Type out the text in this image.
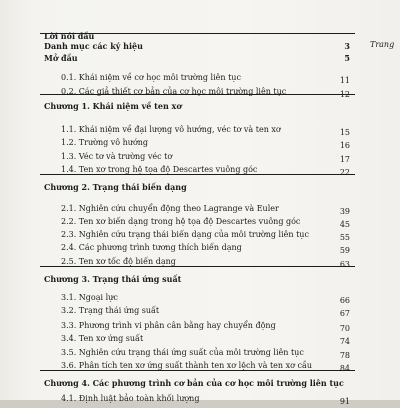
Trang
Lời nói đầu
Danh mục các ký hiệu	3
Mở đầu	5
0.1. Khái niệm về cơ học môi trường liên tục	11
0.2. Các giả thiết cơ bản của cơ học môi trường liên tục	12
Chương 1. Khái niệm về ten xơ
1.1. Khái niệm về đại lượng vô hướng, véc tơ và ten xơ	15
1.2. Trường vô hướng	16
1.3. Véc tơ và trường véc tơ	17
1.4. Ten xơ trong hệ tọa độ Descartes vuông góc	22
Chương 2. Trạng thái biến dạng
2.1. Nghiên cứu chuyển động theo Lagrange và Euler	39
2.2. Ten xơ biến dạng trong hệ tọa độ Descartes vuông góc	45
2.3. Nghiên cứu trạng thái biến dạng của môi trường liên tục	55
2.4. Các phương trình tương thích biến dạng	59
2.5. Ten xơ tốc độ biến dạng	63
Chương 3. Trạng thái ứng suất
3.1. Ngoại lực	66
3.2. Trạng thái ứng suất	67
3.3. Phương trình vi phân cân bằng hay chuyển động	70
3.4. Ten xơ ứng suất	74
3.5. Nghiên cứu trạng thái ứng suất của môi trường liên tục	78
3.6. Phân tích ten xơ ứng suất thành ten xơ lệch và ten xơ cầu	84
Chương 4. Các phương trình cơ bản của cơ học môi trường liên tục
4.1. Định luật bảo toàn khối lượng	91
